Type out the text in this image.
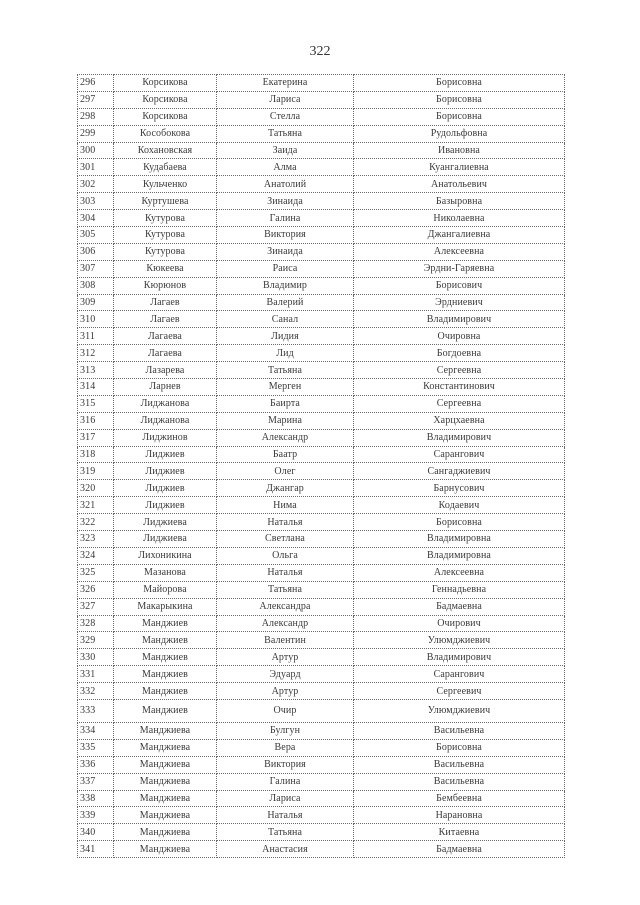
322
296	Корсикова	Екатерина	Борисовна
297	Корсикова	Лариса	Борисовна
298	Корсикова	Стелла	Борисовна
299	Кособокова	Татьяна	Рудольфовна
300	Кохановская	Заида	Ивановна
301	Кудабаева	Алма	Куангалиевна
302	Кульченко	Анатолий	Анатольевич
303	Куртушева	Зинаида	Базыровна
304	Кутурова	Галина	Николаевна
305	Кутурова	Виктория	Джангалиевна
306	Кутурова	Зинаида	Алексеевна
307	Кюкеева	Раиса	Эрдни-Гаряевна
308	Кюрюнов	Владимир	Борисович
309	Лагаев	Валерий	Эрдниевич
310	Лагаев	Санал	Владимирович
311	Лагаева	Лидия	Очировна
312	Лагаева	Лид	Богдоевна
313	Лазарева	Татьяна	Сергеевна
314	Ларнев	Мерген	Константинович
315	Лиджанова	Баирта	Сергеевна
316	Лиджанова	Марина	Харцхаевна
317	Лиджинов	Александр	Владимирович
318	Лиджиев	Баатр	Сарангович
319	Лиджиев	Олег	Сангаджиевич
320	Лиджиев	Джангар	Барнусович
321	Лиджиев	Нима	Кодаевич
322	Лиджиева	Наталья	Борисовна
323	Лиджиева	Светлана	Владимировна
324	Лихоникина	Ольга	Владимировна
325	Мазанова	Наталья	Алексеевна
326	Майорова	Татьяна	Геннадьевна
327	Макарыкина	Александра	Бадмаевна
328	Манджиев	Александр	Очирович
329	Манджиев	Валентин	Улюмджиевич
330	Манджиев	Артур	Владимирович
331	Манджиев	Эдуард	Сарангович
332	Манджиев	Артур	Сергеевич
333	Манджиев	Очир	Улюмджиевич
334	Манджиева	Булгун	Васильевна
335	Манджиева	Вера	Борисовна
336	Манджиева	Виктория	Васильевна
337	Манджиева	Галина	Васильевна
338	Манджиева	Лариса	Бембеевна
339	Манджиева	Наталья	Нарановна
340	Манджиева	Татьяна	Китаевна
341	Манджиева	Анастасия	Бадмаевна
